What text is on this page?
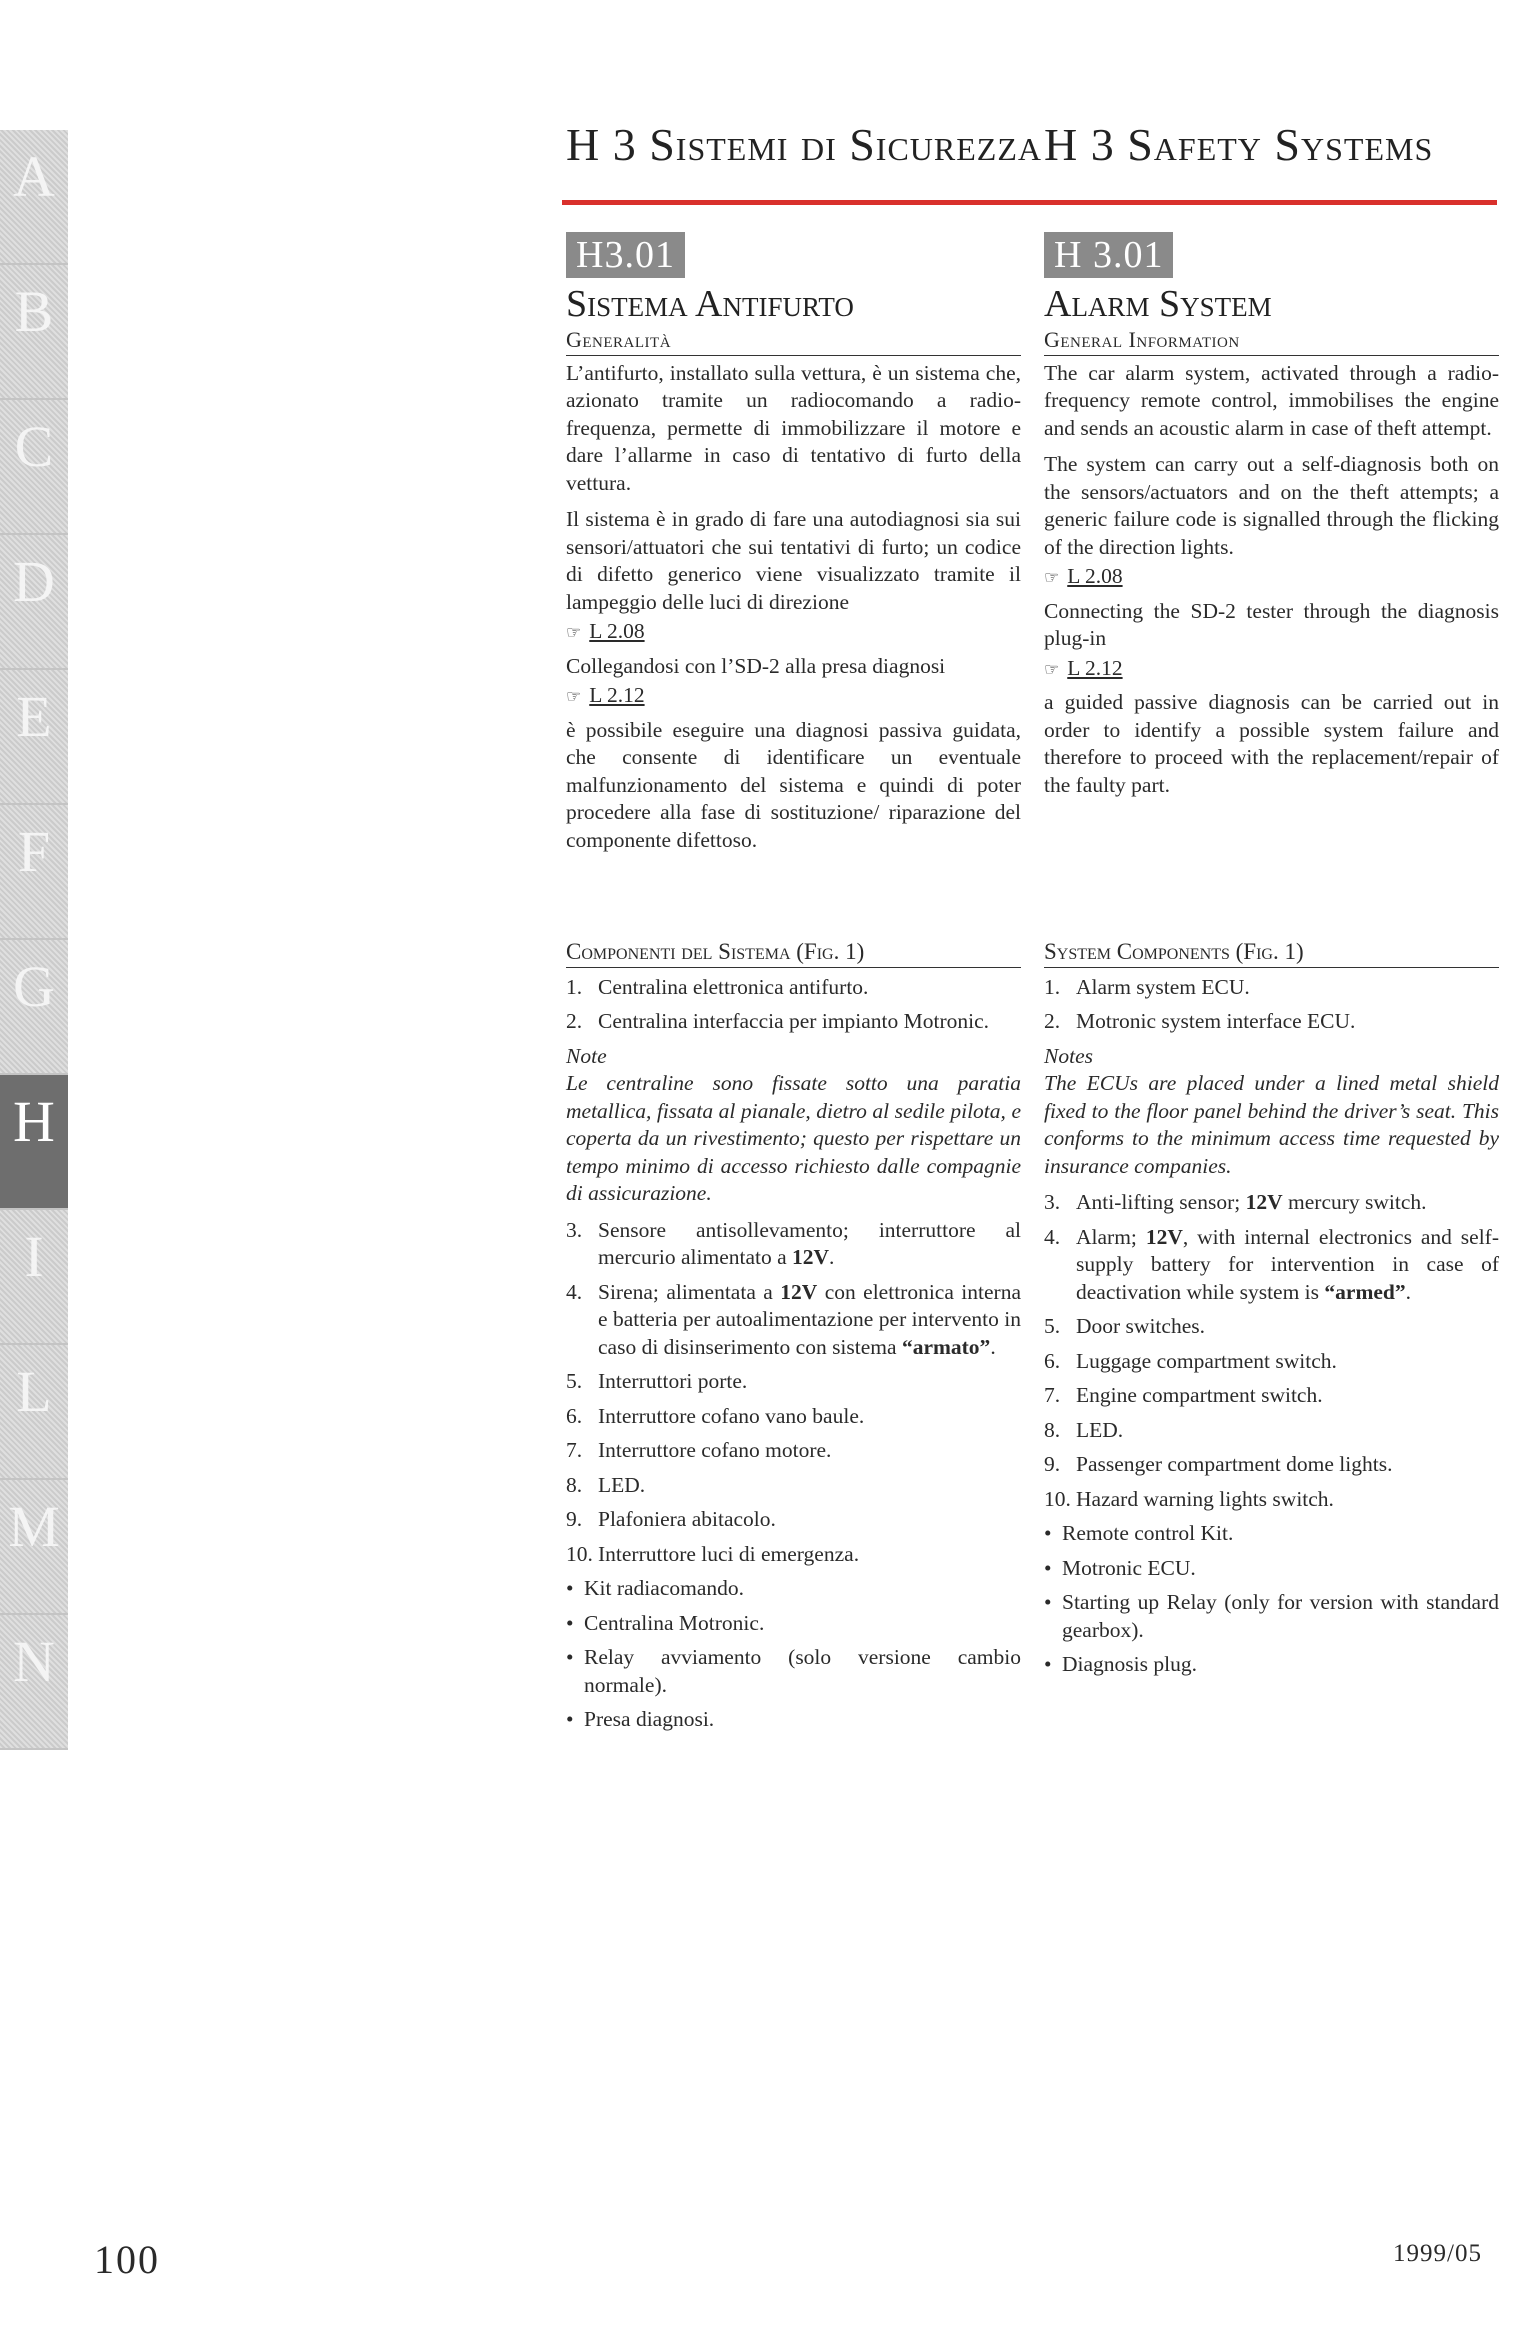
A
B
C
D
E
F
G
H
I
L
M
N
H 3 Sistemi di Sicurezza H 3 Safety Systems
H3.01
Sistema Antifurto
Generalità

L’antifurto, installato sulla vettura, è un sistema che, azionato tramite un radiocomando a radio-frequenza, permette di immobilizzare il motore e dare l’allarme in caso di tentativo di furto della vettura.

Il sistema è in grado di fare una autodiagnosi sia sui sensori/attuatori che sui tentativi di furto; un codice di difetto generico viene visualizzato tramite il lampeggio delle luci di direzione

☞ L 2.08

Collegandosi con l’SD-2 alla presa diagnosi

☞ L 2.12

è possibile eseguire una diagnosi passiva guidata, che consente di identificare un eventuale malfunzionamento del sistema e quindi di poter procedere alla fase di sostituzione/ riparazione del componente difettoso.

H 3.01
Alarm System
General Information

The car alarm system, activated through a radio-frequency remote control, immobilises the engine and sends an acoustic alarm in case of theft attempt.

The system can carry out a self-diagnosis both on the sensors/actuators and on the theft attempts; a generic failure code is signalled through the flicking of the direction lights.

☞ L 2.08

Connecting the SD-2 tester through the diagnosis plug-in

☞ L 2.12

a guided passive diagnosis can be carried out in order to identify a possible system failure and therefore to proceed with the replacement/repair of the faulty part.

Componenti del Sistema (Fig. 1)
1. Centralina elettronica antifurto.
2. Centralina interfaccia per impianto Motronic.
Note
Le centraline sono fissate sotto una paratia metallica, fissata al pianale, dietro al sedile pilota, e coperta da un rivestimento; questo per rispettare un tempo minimo di accesso richiesto dalle compagnie di assicurazione.
3. Sensore antisollevamento; interruttore al mercurio alimentato a 12V.
4. Sirena; alimentata a 12V con elettronica interna e batteria per autoalimentazione per intervento in caso di disinserimento con sistema “armato”.
5. Interruttori porte.
6. Interruttore cofano vano baule.
7. Interruttore cofano motore.
8. LED.
9. Plafoniera abitacolo.
10. Interruttore luci di emergenza.
• Kit radiacomando.
• Centralina Motronic.
• Relay avviamento (solo versione cambio normale).
• Presa diagnosi.
System Components (Fig. 1)
1. Alarm system ECU.
2. Motronic system interface ECU.
Notes
The ECUs are placed under a lined metal shield fixed to the floor panel behind the driver’s seat. This conforms to the minimum access time requested by insurance companies.
3. Anti-lifting sensor; 12V mercury switch.
4. Alarm; 12V, with internal electronics and self-supply battery for intervention in case of deactivation while system is “armed”.
5. Door switches.
6. Luggage compartment switch.
7. Engine compartment switch.
8. LED.
9. Passenger compartment dome lights.
10. Hazard warning lights switch.
• Remote control Kit.
• Motronic ECU.
• Starting up Relay (only for version with standard gearbox).
• Diagnosis plug.
100	1999/05
